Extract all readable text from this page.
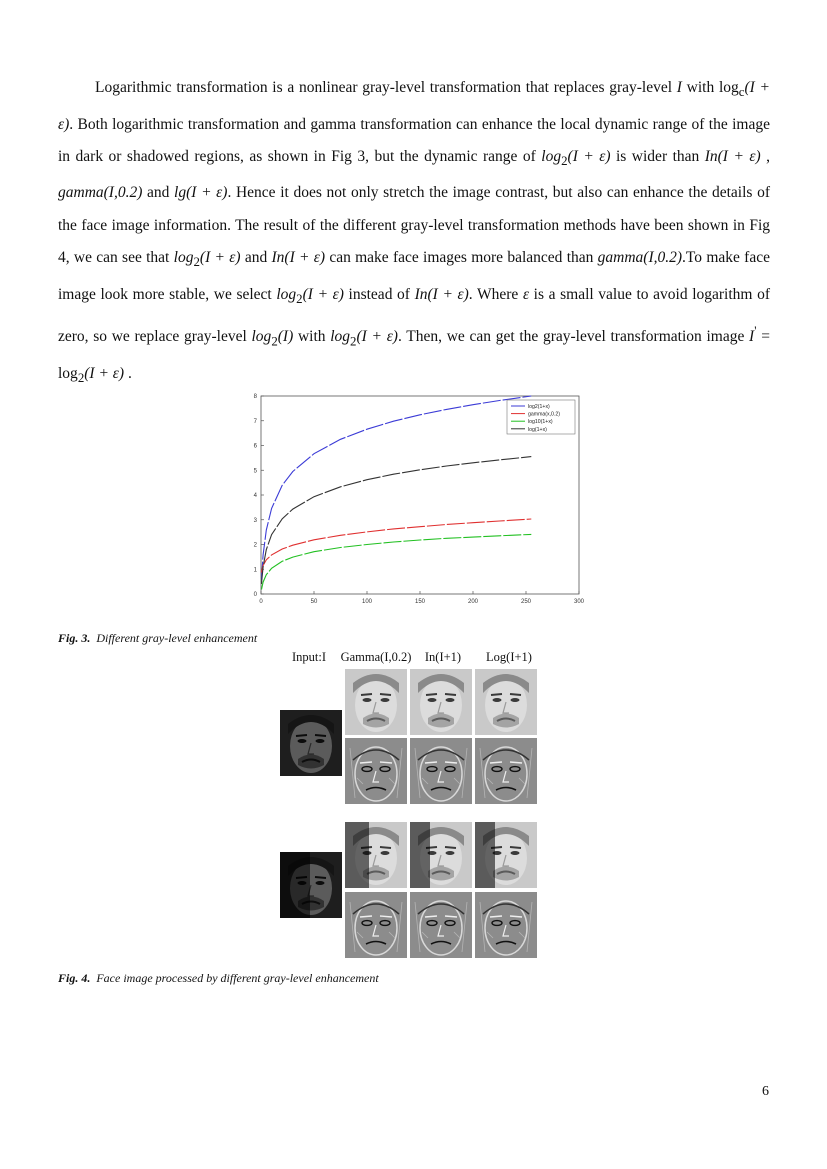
Logarithmic transformation is a nonlinear gray-level transformation that replaces gray-level I with $\log_c(I + \varepsilon)$. Both logarithmic transformation and gamma transformation can enhance the local dynamic range of the image in dark or shadowed regions, as shown in Fig 3, but the dynamic range of $\log_2(I + \varepsilon)$ is wider than In(I + ε) , gamma(I,0.2) and lg(I + ε). Hence it does not only stretch the image contrast, but also can enhance the details of the face image information. The result of the different gray-level transformation methods have been shown in Fig 4, we can see that $\log_2(I + \varepsilon)$ and In(I + ε) can make face images more balanced than gamma(I,0.2).To make face image look more stable, we select $\log_2(I + \varepsilon)$ instead of In(I + ε). Where ε is a small value to avoid logarithm of zero, so we replace gray-level $\log_2(I)$ with $\log_2(I + \varepsilon)$. Then, we can get the gray-level transformation image $I' = \log_2(I + \varepsilon)$ .

0
1
2
3
4
5
6
7
8
0	50	100	150	200	250	300
log2(1+x)
gamma(x,0.2)
log10(1+x)
log(1+x)
Fig. 3. Different gray-level enhancement
Input:I	Gamma(I,0.2)	In(I+1)	Log(I+1)
Fig. 4. Face image processed by different gray-level enhancement
6
